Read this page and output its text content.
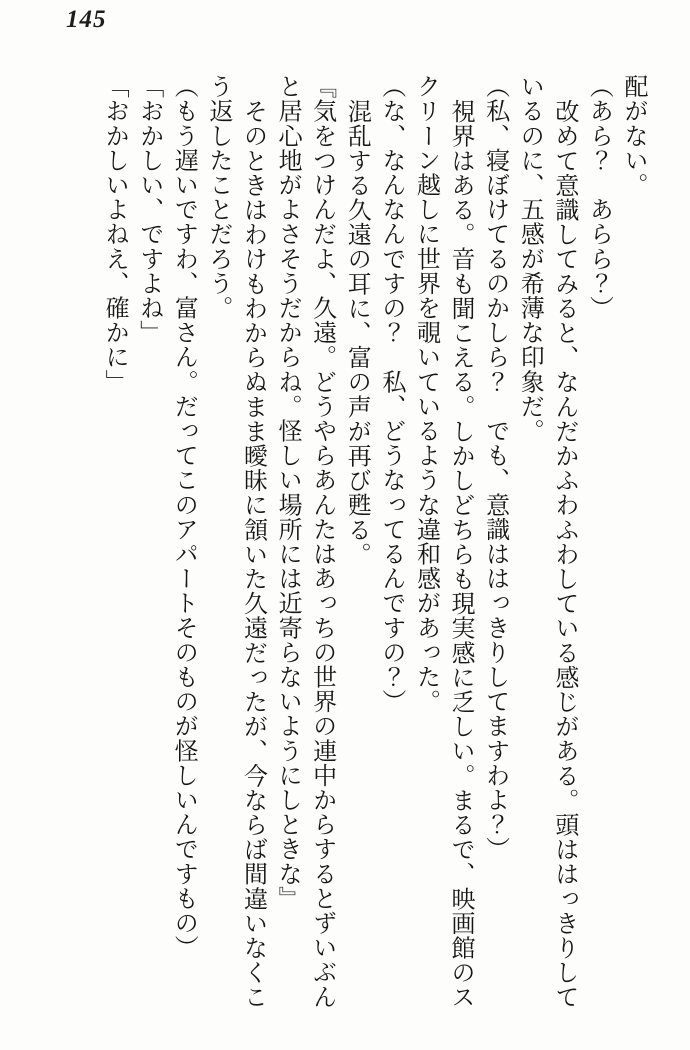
145
配がない。
（あら？　あらら？）
改めて意識してみると、なんだかふわふわしている感じがある。頭ははっきりして
いるのに、五感が希薄な印象だ。
（私、寝ぼけてるのかしら？　でも、意識ははっきりしてますわよ？）
視界はある。音も聞こえる。しかしどちらも現実感に乏しい。まるで、映画館のス
クリーン越しに世界を覗いているような違和感があった。
（な、なんなんですの？　私、どうなってるんですの？）
混乱する久遠の耳に、富の声が再び甦る。
『気をつけんだよ、久遠。どうやらあんたはあっちの世界の連中からするとずいぶん
と居心地がよさそうだからね。怪しい場所には近寄らないようにしときな』
そのときはわけもわからぬまま曖昧に頷いた久遠だったが、今ならば間違いなくこ
う返したことだろう。
（もう遅いですわ、富さん。だってこのアパートそのものが怪しいんですもの）
「おかしい、ですよね」
「おかしいよねえ、確かに」
